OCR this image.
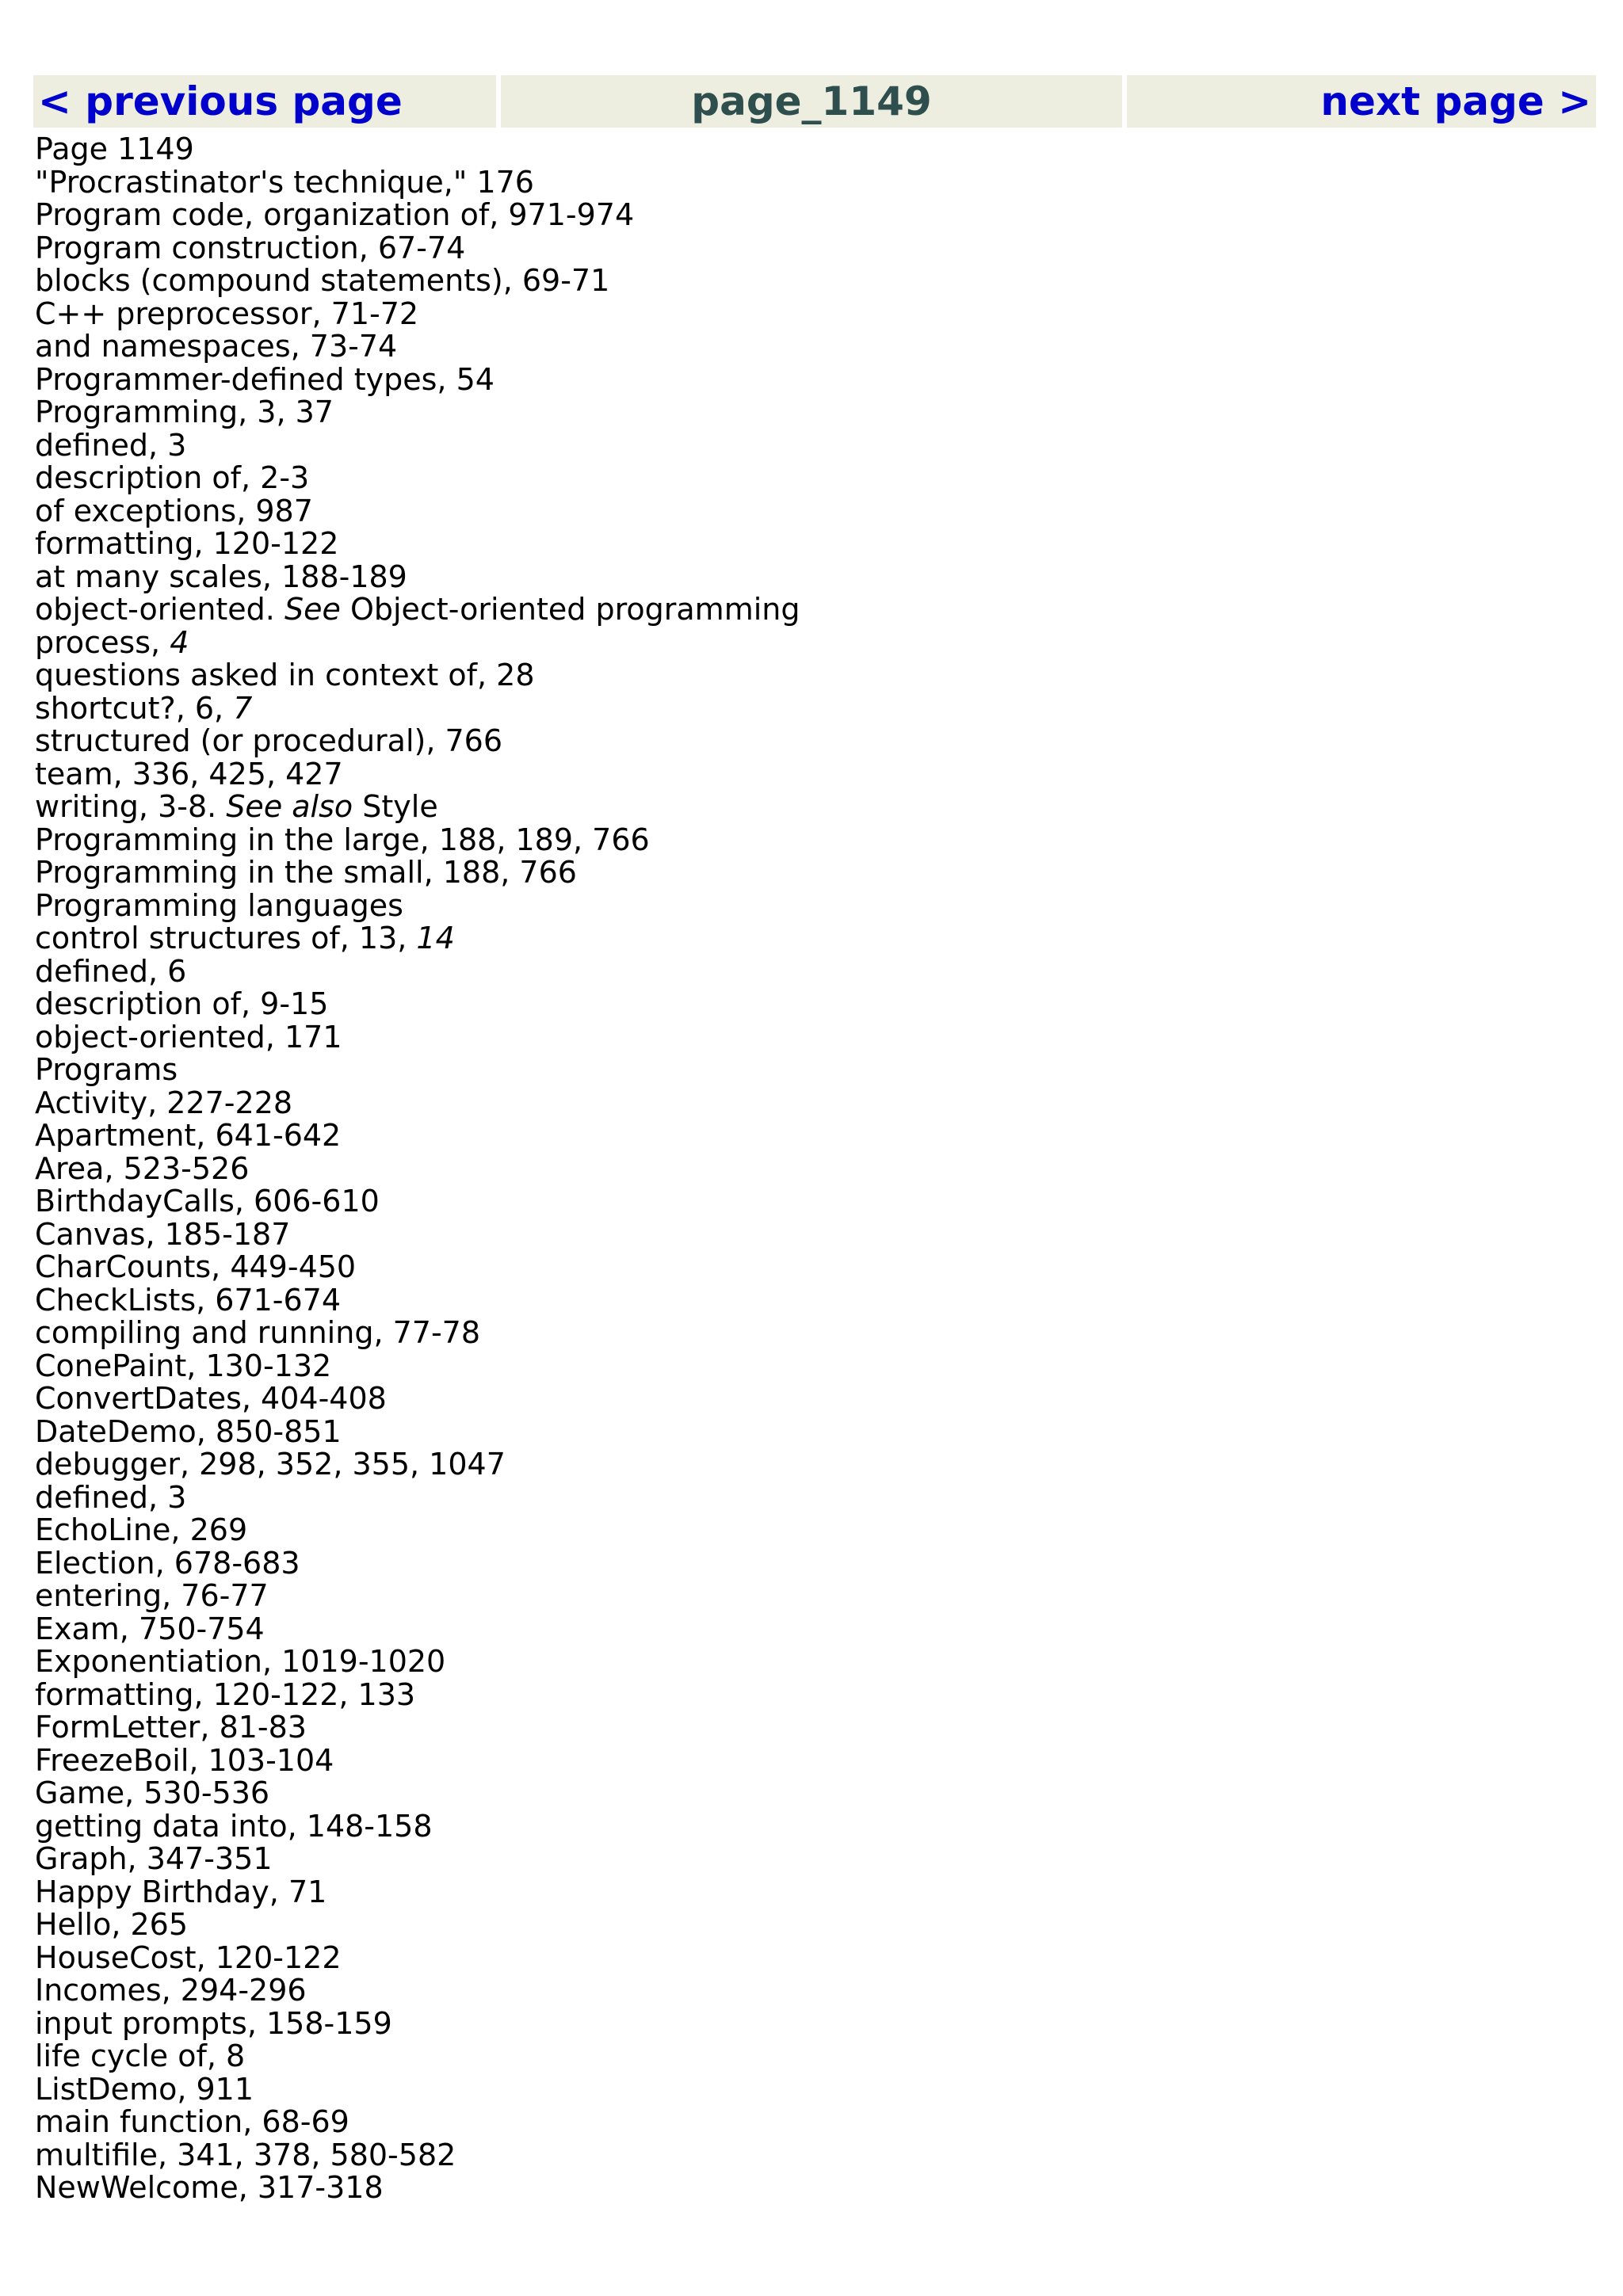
< previous page	page_1149	next page >
Page 1149
"Procrastinator's technique," 176
Program code, organization of, 971-974
Program construction, 67-74
blocks (compound statements), 69-71
C++ preprocessor, 71-72
and namespaces, 73-74
Programmer-defined types, 54
Programming, 3, 37
defined, 3
description of, 2-3
of exceptions, 987
formatting, 120-122
at many scales, 188-189
object-oriented. See Object-oriented programming
process, 4
questions asked in context of, 28
shortcut?, 6, 7
structured (or procedural), 766
team, 336, 425, 427
writing, 3-8. See also Style
Programming in the large, 188, 189, 766
Programming in the small, 188, 766
Programming languages
control structures of, 13, 14
defined, 6
description of, 9-15
object-oriented, 171
Programs
Activity, 227-228
Apartment, 641-642
Area, 523-526
BirthdayCalls, 606-610
Canvas, 185-187
CharCounts, 449-450
CheckLists, 671-674
compiling and running, 77-78
ConePaint, 130-132
ConvertDates, 404-408
DateDemo, 850-851
debugger, 298, 352, 355, 1047
defined, 3
EchoLine, 269
Election, 678-683
entering, 76-77
Exam, 750-754
Exponentiation, 1019-1020
formatting, 120-122, 133
FormLetter, 81-83
FreezeBoil, 103-104
Game, 530-536
getting data into, 148-158
Graph, 347-351
Happy Birthday, 71
Hello, 265
HouseCost, 120-122
Incomes, 294-296
input prompts, 158-159
life cycle of, 8
ListDemo, 911
main function, 68-69
multifile, 341, 378, 580-582
NewWelcome, 317-318
